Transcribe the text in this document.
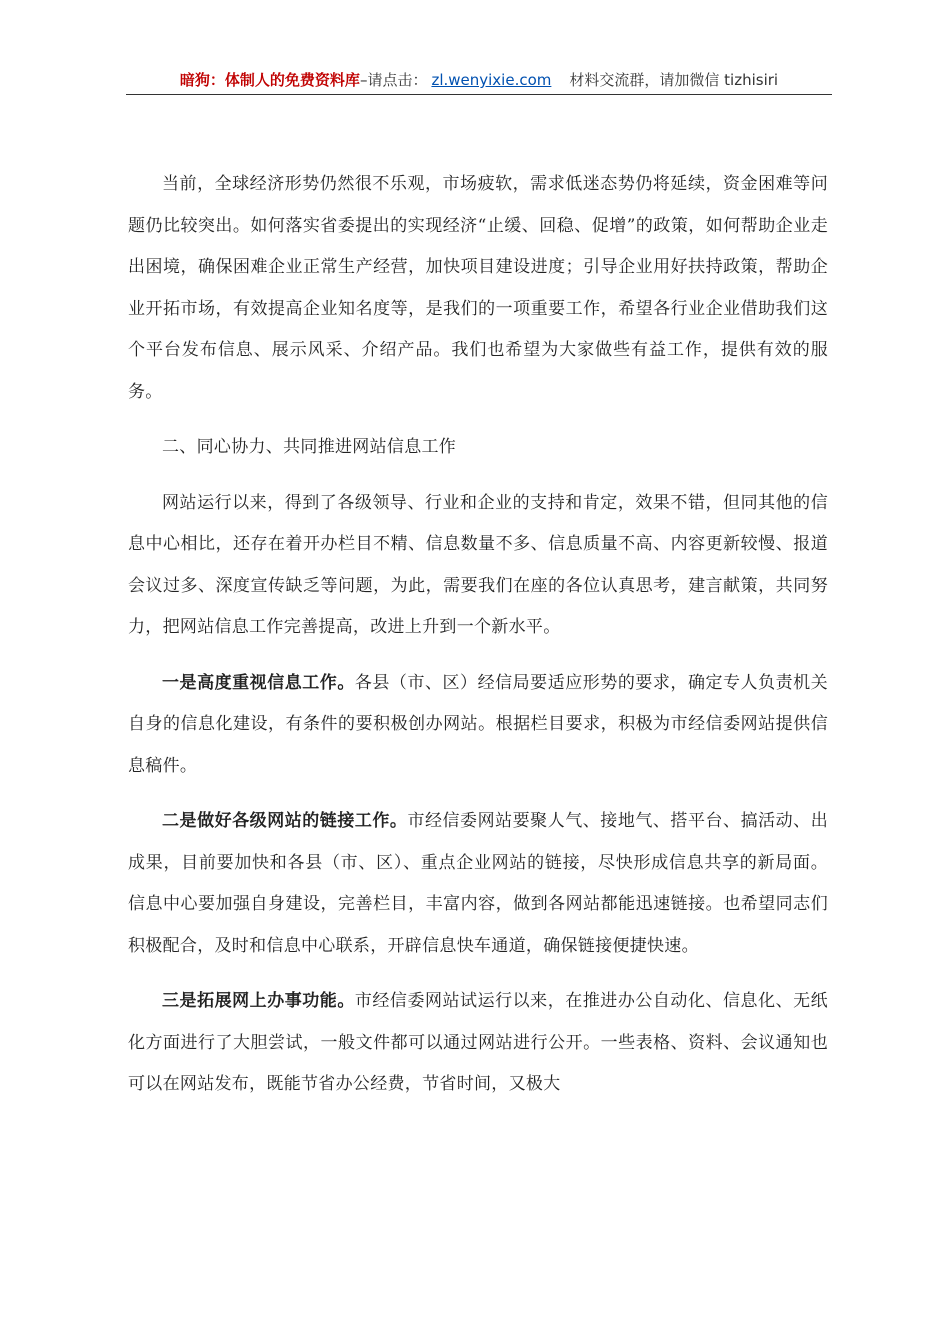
暗狗：体制人的免费资料库–请点击： zl.wenyixie.com 材料交流群，请加微信 tizhisiri

当前，全球经济形势仍然很不乐观，市场疲软，需求低迷态势仍将延续，资金困难等问题仍比较突出。如何落实省委提出的实现经济“止缓、回稳、促增”的政策，如何帮助企业走出困境，确保困难企业正常生产经营，加快项目建设进度；引导企业用好扶持政策，帮助企业开拓市场，有效提高企业知名度等，是我们的一项重要工作，希望各行业企业借助我们这个平台发布信息、展示风采、介绍产品。我们也希望为大家做些有益工作，提供有效的服务。

二、同心协力、共同推进网站信息工作

网站运行以来，得到了各级领导、行业和企业的支持和肯定，效果不错，但同其他的信息中心相比，还存在着开办栏目不精、信息数量不多、信息质量不高、内容更新较慢、报道会议过多、深度宣传缺乏等问题，为此，需要我们在座的各位认真思考，建言献策，共同努力，把网站信息工作完善提高，改进上升到一个新水平。

一是高度重视信息工作。各县（市、区）经信局要适应形势的要求，确定专人负责机关自身的信息化建设，有条件的要积极创办网站。根据栏目要求，积极为市经信委网站提供信息稿件。

二是做好各级网站的链接工作。市经信委网站要聚人气、接地气、搭平台、搞活动、出成果，目前要加快和各县（市、区）、重点企业网站的链接，尽快形成信息共享的新局面。信息中心要加强自身建设，完善栏目，丰富内容，做到各网站都能迅速链接。也希望同志们积极配合，及时和信息中心联系，开辟信息快车通道，确保链接便捷快速。

三是拓展网上办事功能。市经信委网站试运行以来，在推进办公自动化、信息化、无纸化方面进行了大胆尝试，一般文件都可以通过网站进行公开。一些表格、资料、会议通知也可以在网站发布，既能节省办公经费，节省时间，又极大
